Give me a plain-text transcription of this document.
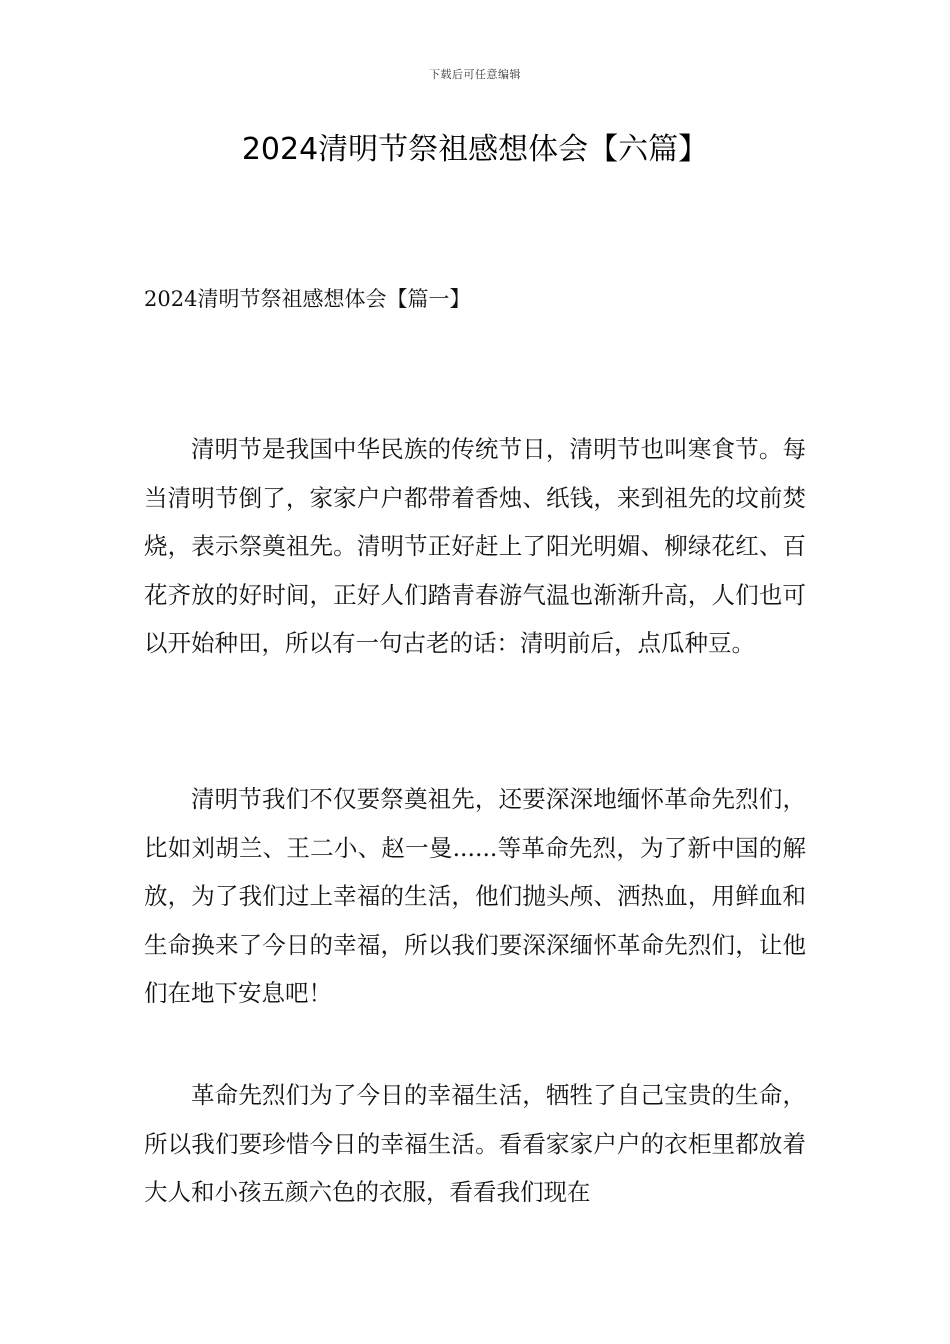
下载后可任意编辑
2024清明节祭祖感想体会【六篇】
2024清明节祭祖感想体会【篇一】

清明节是我国中华民族的传统节日，清明节也叫寒食节。每当清明节倒了，家家户户都带着香烛、纸钱，来到祖先的坟前焚烧，表示祭奠祖先。清明节正好赶上了阳光明媚、柳绿花红、百花齐放的好时间，正好人们踏青春游气温也渐渐升高，人们也可以开始种田，所以有一句古老的话：清明前后，点瓜种豆。

清明节我们不仅要祭奠祖先，还要深深地缅怀革命先烈们，比如刘胡兰、王二小、赵一曼......等革命先烈，为了新中国的解放，为了我们过上幸福的生活，他们抛头颅、洒热血，用鲜血和生命换来了今日的幸福，所以我们要深深缅怀革命先烈们，让他们在地下安息吧！

革命先烈们为了今日的幸福生活，牺牲了自己宝贵的生命，所以我们要珍惜今日的幸福生活。看看家家户户的衣柜里都放着大人和小孩五颜六色的衣服，看看我们现在
